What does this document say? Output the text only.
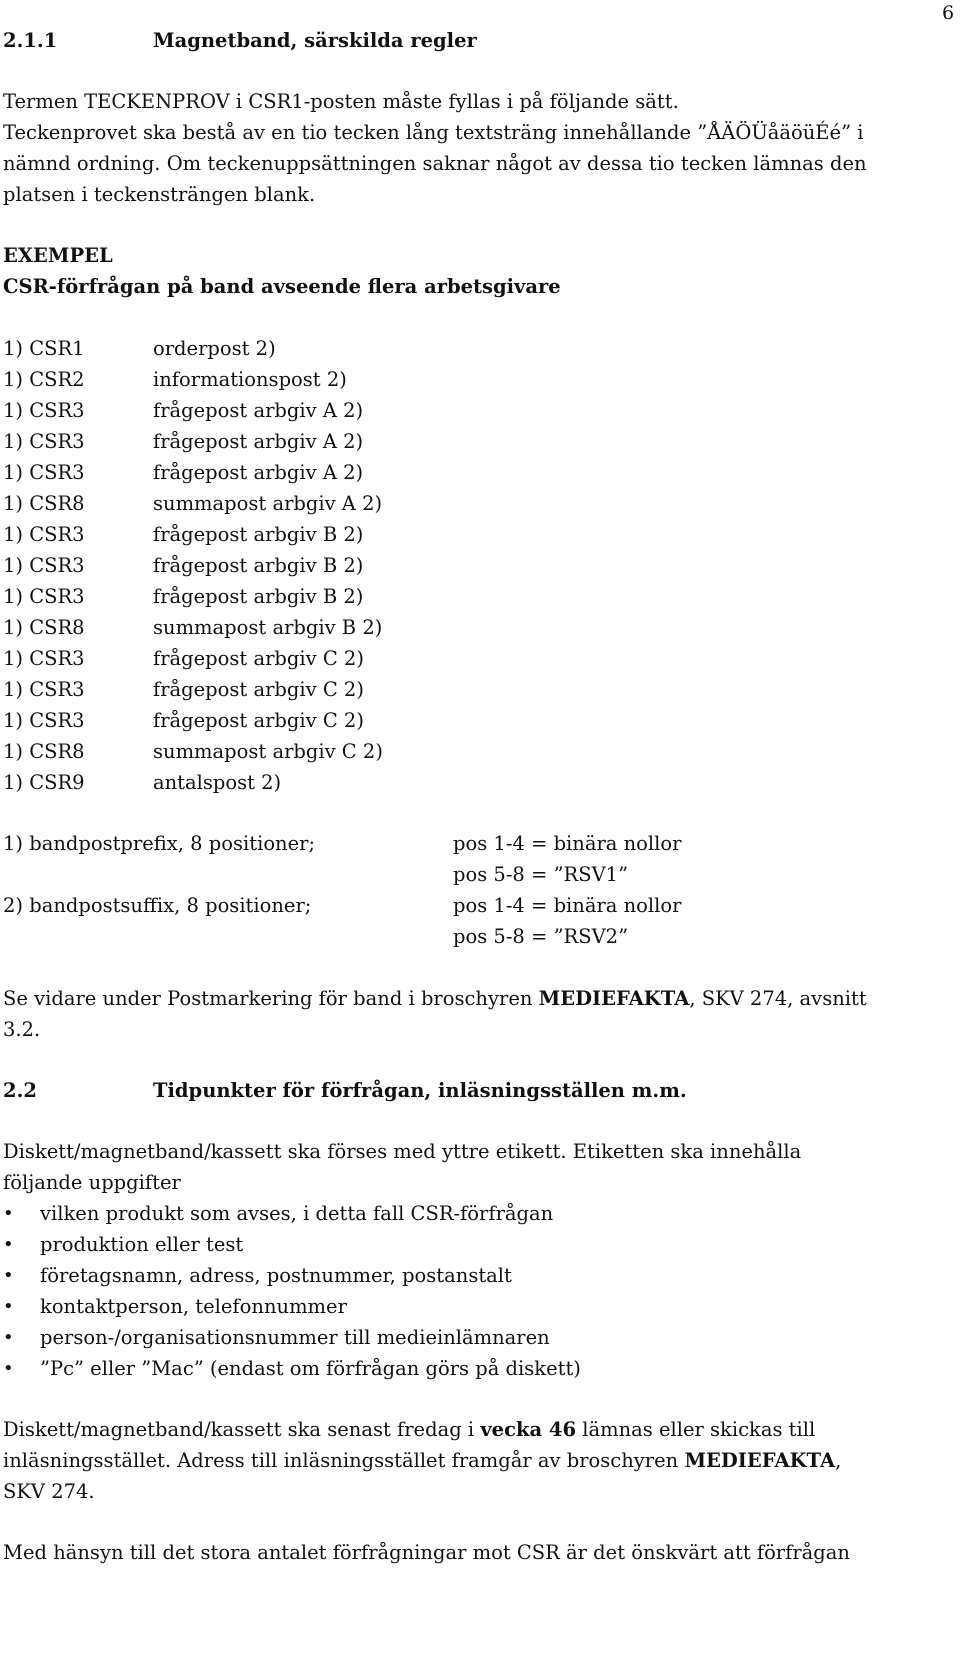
6
2.1.1	Magnetband, särskilda regler
Termen TECKENPROV i CSR1-posten måste fyllas i på följande sätt.
Teckenprovet ska bestå av en tio tecken lång textsträng innehållande ”ÅÄÖÜåäöüÉé” i
nämnd ordning. Om teckenuppsättningen saknar något av dessa tio tecken lämnas den
platsen i teckensträngen blank.
EXEMPEL
CSR-förfrågan på band avseende flera arbetsgivare
1) CSR1	orderpost 2)
1) CSR2	informationspost 2)
1) CSR3	frågepost arbgiv A 2)
1) CSR3	frågepost arbgiv A 2)
1) CSR3	frågepost arbgiv A 2)
1) CSR8	summapost arbgiv A 2)
1) CSR3	frågepost arbgiv B 2)
1) CSR3	frågepost arbgiv B 2)
1) CSR3	frågepost arbgiv B 2)
1) CSR8	summapost arbgiv B 2)
1) CSR3	frågepost arbgiv C 2)
1) CSR3	frågepost arbgiv C 2)
1) CSR3	frågepost arbgiv C 2)
1) CSR8	summapost arbgiv C 2)
1) CSR9	antalspost 2)
1) bandpostprefix, 8 positioner;	pos 1-4 = binära nollor
pos 5-8 = ”RSV1”
2) bandpostsuffix, 8 positioner;	pos 1-4 = binära nollor
pos 5-8 = ”RSV2”
Se vidare under Postmarkering för band i broschyren MEDIEFAKTA, SKV 274, avsnitt
3.2.
2.2	Tidpunkter för förfrågan, inläsningsställen m.m.
Diskett/magnetband/kassett ska förses med yttre etikett. Etiketten ska innehålla
följande uppgifter
• vilken produkt som avses, i detta fall CSR-förfrågan
• produktion eller test
• företagsnamn, adress, postnummer, postanstalt
• kontaktperson, telefonnummer
• person-/organisationsnummer till medieinlämnaren
• ”Pc” eller ”Mac” (endast om förfrågan görs på diskett)
Diskett/magnetband/kassett ska senast fredag i vecka 46 lämnas eller skickas till
inläsningsstället. Adress till inläsningsstället framgår av broschyren MEDIEFAKTA,
SKV 274.
Med hänsyn till det stora antalet förfrågningar mot CSR är det önskvärt att förfrågan
